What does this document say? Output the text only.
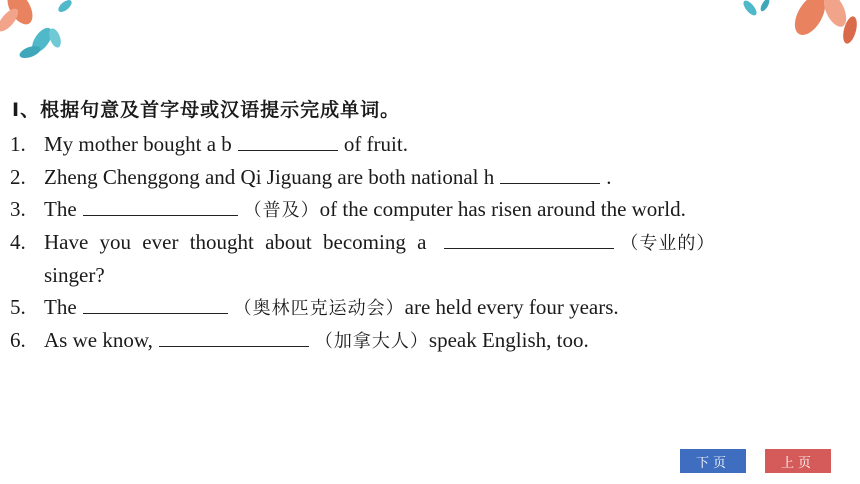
Ⅰ、根据句意及首字母或汉语提示完成单词。
1. My mother bought a b	of fruit.
2. Zheng Chenggong and Qi Jiguang are both national h	.
3. The	（普及）of the computer has risen around the world.
4. Have you ever thought about becoming a	（专业的）
singer?
5. The	（奥林匹克运动会）are held every four years.
6. As we know,	（加拿大人）speak English, too.
下页	上页
